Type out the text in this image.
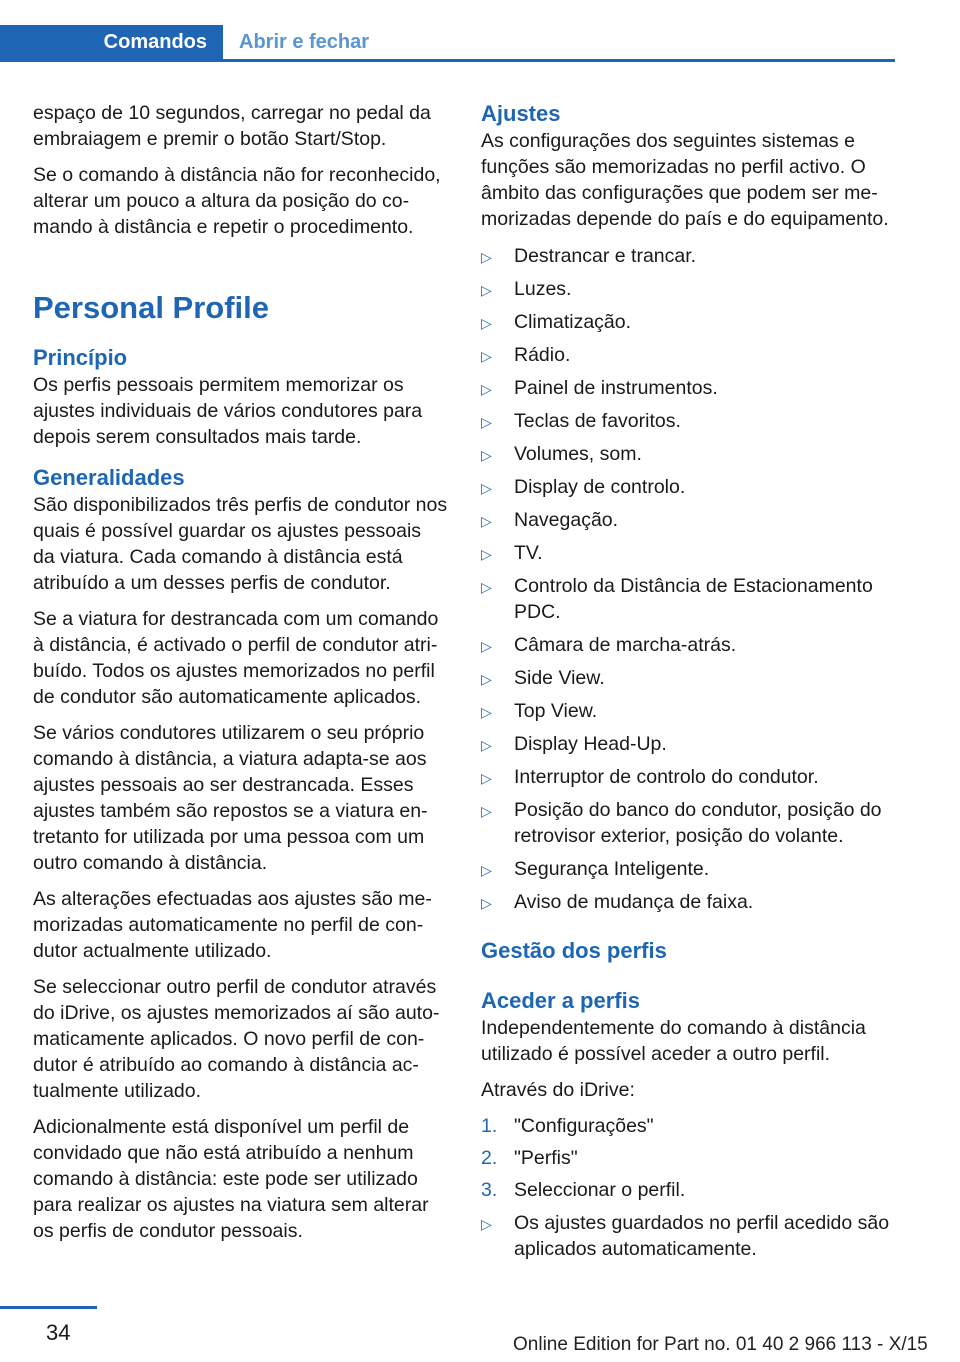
Comandos	Abrir e fechar

espaço de 10 segundos, carregar no pedal da embraiagem e premir o botão Start/Stop.

Se o comando à distância não for reconhecido, alterar um pouco a altura da posição do comando à distância e repetir o procedimento.

Personal Profile
Princípio

Os perfis pessoais permitem memorizar os ajustes individuais de vários condutores para depois serem consultados mais tarde.

Generalidades

São disponibilizados três perfis de condutor nos quais é possível guardar os ajustes pessoais da viatura. Cada comando à distância está atribuído a um desses perfis de condutor.

Se a viatura for destrancada com um comando à distância, é activado o perfil de condutor atribuído. Todos os ajustes memorizados no perfil de condutor são automaticamente aplicados.

Se vários condutores utilizarem o seu próprio comando à distância, a viatura adapta-se aos ajustes pessoais ao ser destrancada. Esses ajustes também são repostos se a viatura entretanto for utilizada por uma pessoa com um outro comando à distância.

As alterações efectuadas aos ajustes são memorizadas automaticamente no perfil de condutor actualmente utilizado.

Se seleccionar outro perfil de condutor através do iDrive, os ajustes memorizados aí são automaticamente aplicados. O novo perfil de condutor é atribuído ao comando à distância actualmente utilizado.

Adicionalmente está disponível um perfil de convidado que não está atribuído a nenhum comando à distância: este pode ser utilizado para realizar os ajustes na viatura sem alterar os perfis de condutor pessoais.

Ajustes

As configurações dos seguintes sistemas e funções são memorizadas no perfil activo. O âmbito das configurações que podem ser memorizadas depende do país e do equipamento.

▷ Destrancar e trancar.
▷ Luzes.
▷ Climatização.
▷ Rádio.
▷ Painel de instrumentos.
▷ Teclas de favoritos.
▷ Volumes, som.
▷ Display de controlo.
▷ Navegação.
▷ TV.
▷ Controlo da Distância de Estacionamento PDC.
▷ Câmara de marcha-atrás.
▷ Side View.
▷ Top View.
▷ Display Head-Up.
▷ Interruptor de controlo do condutor.
▷ Posição do banco do condutor, posição do retrovisor exterior, posição do volante.
▷ Segurança Inteligente.
▷ Aviso de mudança de faixa.
Gestão dos perfis
Aceder a perfis

Independentemente do comando à distância utilizado é possível aceder a outro perfil.

Através do iDrive:

1. "Configurações"
2. "Perfis"
3. Seleccionar o perfil.
▷ Os ajustes guardados no perfil acedido são aplicados automaticamente.
34	Online Edition for Part no. 01 40 2 966 113 - X/15
